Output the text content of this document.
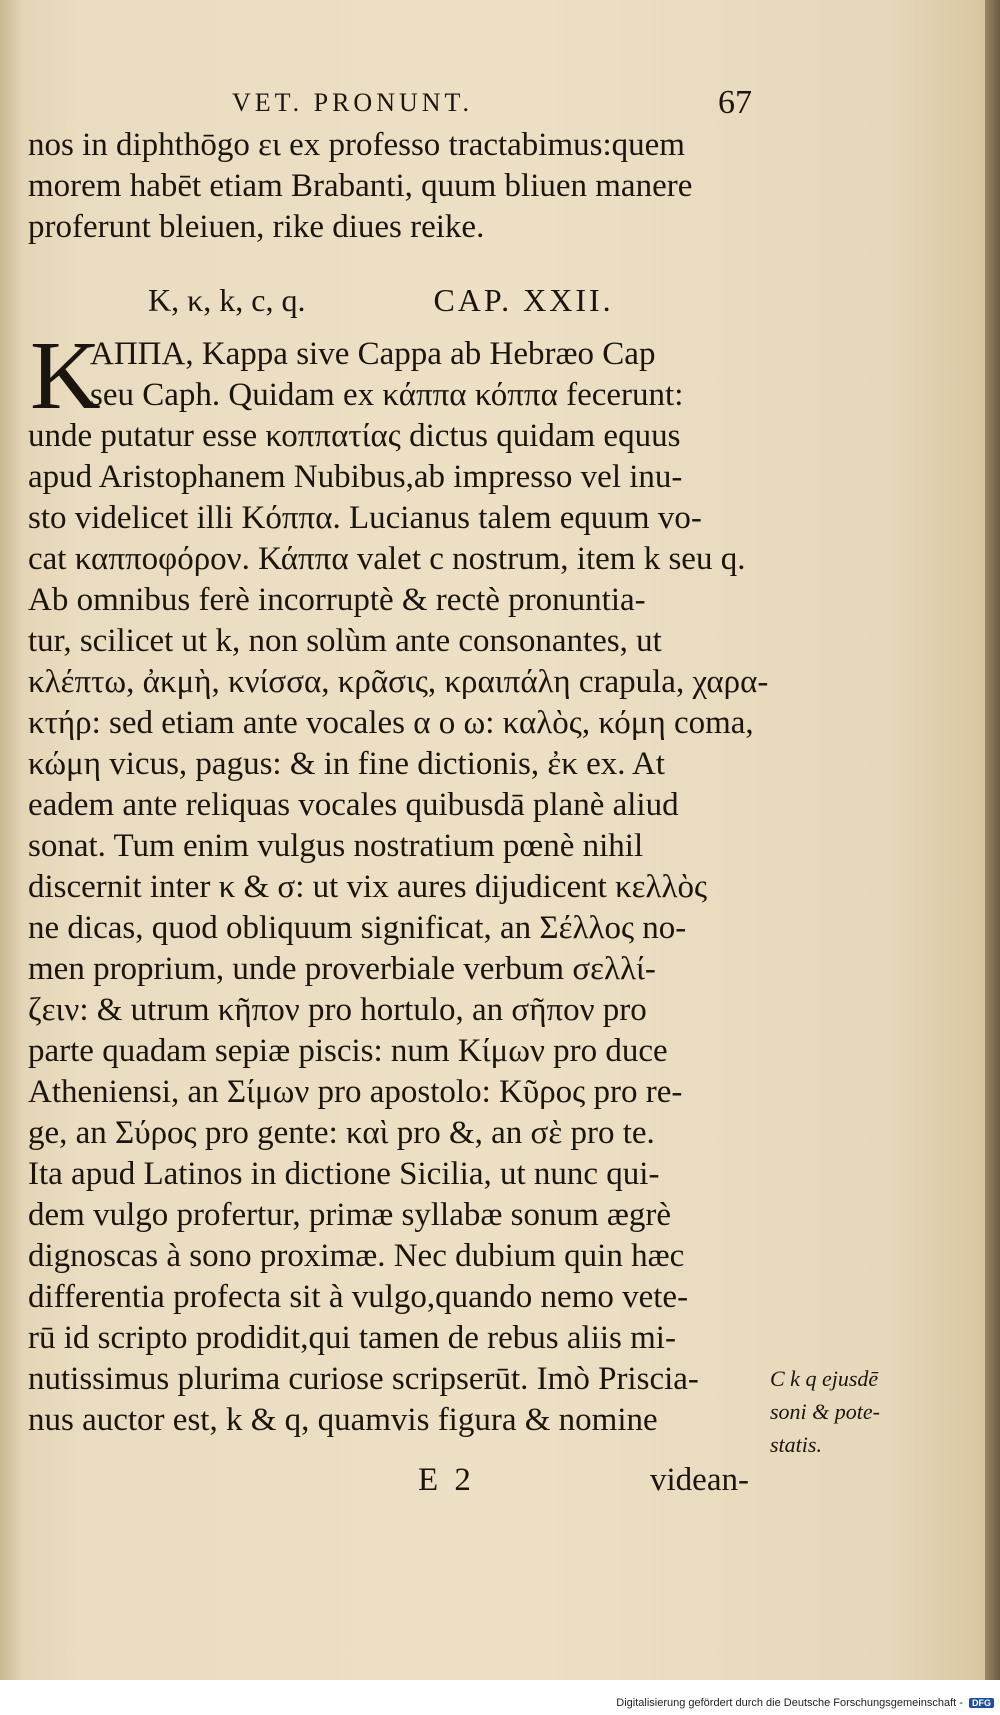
VET. PRONUNT.	67
nos in diphthōgo ει ex professo tractabimus:quem
morem habēt etiam Brabanti, quum bliuen manere
proferunt bleiuen, rike diues reike.
Κ, κ, k, c, q.	CAP. XXII.
K
ΑΠΠΑ, Kappa sive Cappa ab Hebræo Cap
seu Caph. Quidam ex κάππα κόππα fecerunt:
unde putatur esse κοππατίας dictus quidam equus
apud Aristophanem Nubibus,ab impresso vel inu-
sto videlicet illi Κόππα. Lucianus talem equum vo-
cat καππoφόρον. Κάππα valet c nostrum, item k seu q.
Ab omnibus ferè incorruptè & rectè pronuntia-
tur, scilicet ut k, non solùm ante consonantes, ut
κλέπτω, ἀκμὴ, κνίσσα, κρᾶσις, κραιπάλη crapula, χαρα-
κτήρ: sed etiam ante vocales α ο ω: καλὸς, κόμη coma,
κώμη vicus, pagus: & in fine dictionis, ἐκ ex. At
eadem ante reliquas vocales quibusdā planè aliud
sonat. Tum enim vulgus nostratium pœnè nihil
discernit inter κ & σ: ut vix aures dijudicent κελλὸς
ne dicas, quod obliquum significat, an Σέλλος no-
men proprium, unde proverbiale verbum σελλί-
ζειν: & utrum κῆπον pro hortulo, an σῆπον pro
parte quadam sepiæ piscis: num Κίμων pro duce
Atheniensi, an Σίμων pro apostolo: Κῦρος pro re-
ge, an Σύρος pro gente: καὶ pro &, an σὲ pro te.
Ita apud Latinos in dictione Sicilia, ut nunc qui-
dem vulgo profertur, primæ syllabæ sonum ægrè
dignoscas à sono proximæ. Nec dubium quin hæc
differentia profecta sit à vulgo,quando nemo vete-
rū id scripto prodidit,qui tamen de rebus aliis mi-
nutissimus plurima curiose scripserūt. Imò Priscia-
nus auctor est, k & q, quamvis figura & nomine
C k q ejusdē
soni & pote-
statis.
E 2	videan-
Digitalisierung gefördert durch die Deutsche Forschungsgemeinschaft - DFG
